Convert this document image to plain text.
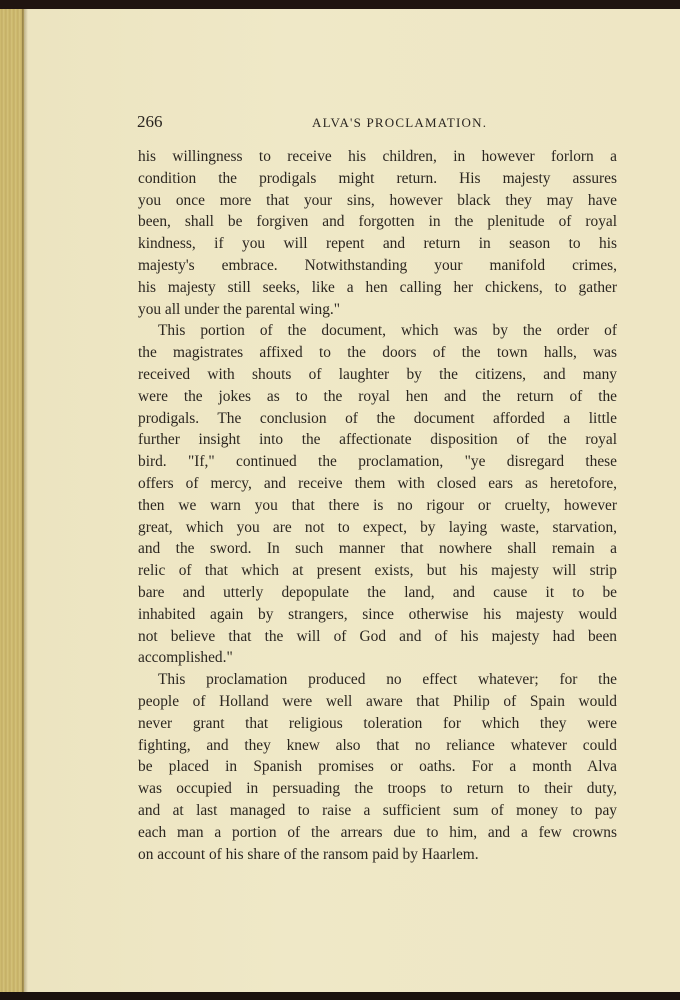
266	ALVA'S PROCLAMATION.
his willingness to receive his children, in however forlorn a
condition the prodigals might return. His majesty assures
you once more that your sins, however black they may have
been, shall be forgiven and forgotten in the plenitude of royal
kindness, if you will repent and return in season to his
majesty's embrace. Notwithstanding your manifold crimes,
his majesty still seeks, like a hen calling her chickens, to gather
you all under the parental wing."
This portion of the document, which was by the order of
the magistrates affixed to the doors of the town halls, was
received with shouts of laughter by the citizens, and many
were the jokes as to the royal hen and the return of the
prodigals. The conclusion of the document afforded a little
further insight into the affectionate disposition of the royal
bird. "If," continued the proclamation, "ye disregard these
offers of mercy, and receive them with closed ears as heretofore,
then we warn you that there is no rigour or cruelty, however
great, which you are not to expect, by laying waste, starvation,
and the sword. In such manner that nowhere shall remain a
relic of that which at present exists, but his majesty will strip
bare and utterly depopulate the land, and cause it to be
inhabited again by strangers, since otherwise his majesty would
not believe that the will of God and of his majesty had been
accomplished."
This proclamation produced no effect whatever; for the
people of Holland were well aware that Philip of Spain would
never grant that religious toleration for which they were
fighting, and they knew also that no reliance whatever could
be placed in Spanish promises or oaths. For a month Alva
was occupied in persuading the troops to return to their duty,
and at last managed to raise a sufficient sum of money to pay
each man a portion of the arrears due to him, and a few crowns
on account of his share of the ransom paid by Haarlem.
